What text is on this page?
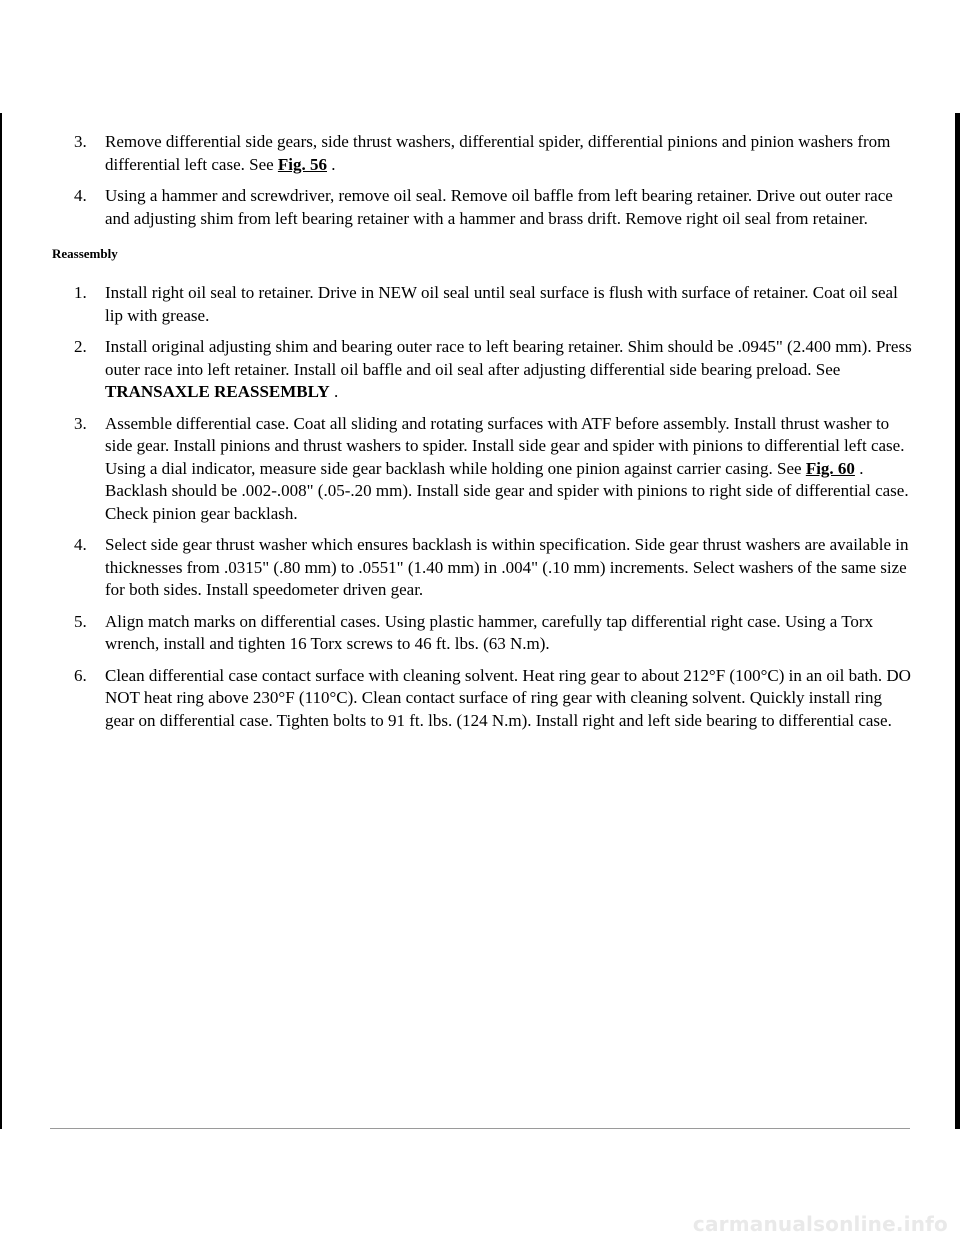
3. Remove differential side gears, side thrust washers, differential spider, differential pinions and pinion washers from differential left case. See Fig. 56 .
4. Using a hammer and screwdriver, remove oil seal. Remove oil baffle from left bearing retainer. Drive out outer race and adjusting shim from left bearing retainer with a hammer and brass drift. Remove right oil seal from retainer.
Reassembly
1. Install right oil seal to retainer. Drive in NEW oil seal until seal surface is flush with surface of retainer. Coat oil seal lip with grease.
2. Install original adjusting shim and bearing outer race to left bearing retainer. Shim should be .0945" (2.400 mm). Press outer race into left retainer. Install oil baffle and oil seal after adjusting differential side bearing preload. See TRANSAXLE REASSEMBLY .
3. Assemble differential case. Coat all sliding and rotating surfaces with ATF before assembly. Install thrust washer to side gear. Install pinions and thrust washers to spider. Install side gear and spider with pinions to differential left case. Using a dial indicator, measure side gear backlash while holding one pinion against carrier casing. See Fig. 60 . Backlash should be .002-.008" (.05-.20 mm). Install side gear and spider with pinions to right side of differential case. Check pinion gear backlash.
4. Select side gear thrust washer which ensures backlash is within specification. Side gear thrust washers are available in thicknesses from .0315" (.80 mm) to .0551" (1.40 mm) in .004" (.10 mm) increments. Select washers of the same size for both sides. Install speedometer driven gear.
5. Align match marks on differential cases. Using plastic hammer, carefully tap differential right case. Using a Torx wrench, install and tighten 16 Torx screws to 46 ft. lbs. (63 N.m).
6. Clean differential case contact surface with cleaning solvent. Heat ring gear to about 212°F (100°C) in an oil bath. DO NOT heat ring above 230°F (110°C). Clean contact surface of ring gear with cleaning solvent. Quickly install ring gear on differential case. Tighten bolts to 91 ft. lbs. (124 N.m). Install right and left side bearing to differential case.
carmanualsonline.info
